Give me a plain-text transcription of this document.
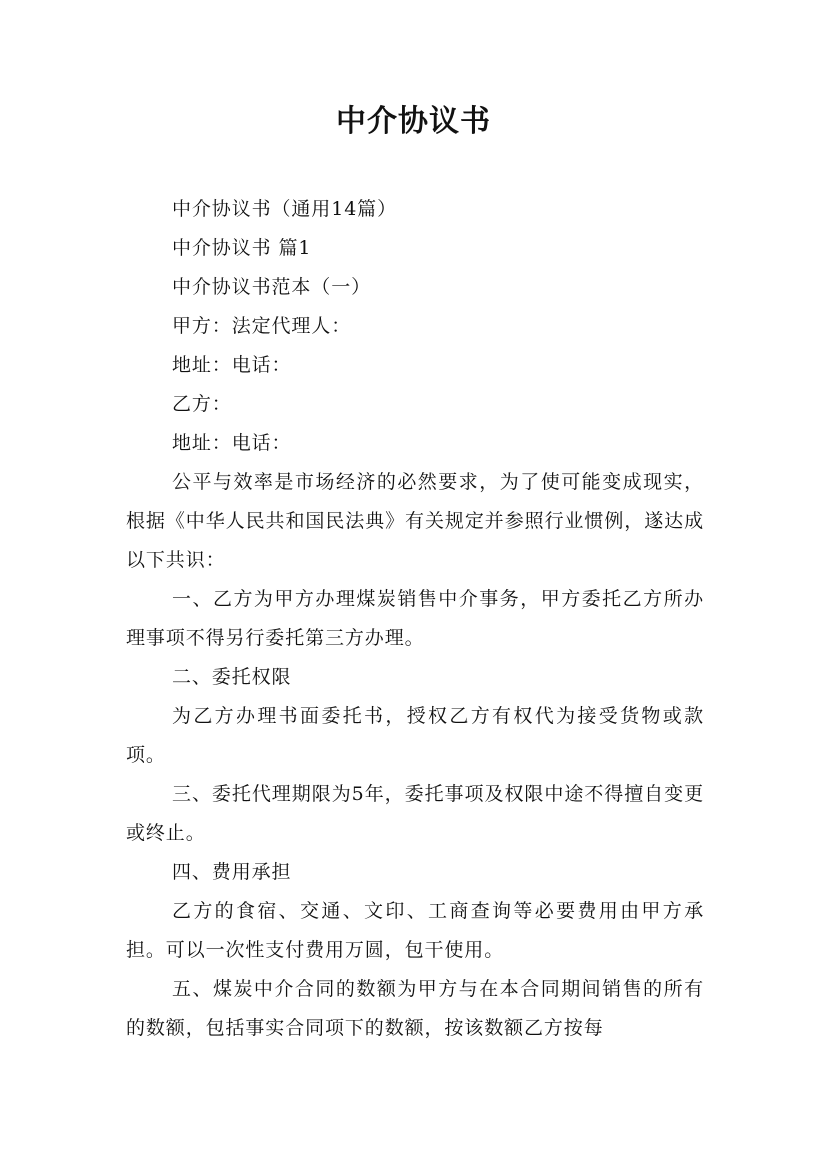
中介协议书

中介协议书（通用14篇）

中介协议书 篇1

中介协议书范本（一）

甲方：法定代理人：

地址：电话：

乙方：

地址：电话：

公平与效率是市场经济的必然要求，为了使可能变成现实，根据《中华人民共和国民法典》有关规定并参照行业惯例，遂达成以下共识：

一、乙方为甲方办理煤炭销售中介事务，甲方委托乙方所办理事项不得另行委托第三方办理。

二、委托权限

为乙方办理书面委托书，授权乙方有权代为接受货物或款项。

三、委托代理期限为5年，委托事项及权限中途不得擅自变更或终止。

四、费用承担

乙方的食宿、交通、文印、工商查询等必要费用由甲方承担。可以一次性支付费用万圆，包干使用。

五、煤炭中介合同的数额为甲方与在本合同期间销售的所有的数额，包括事实合同项下的数额，按该数额乙方按每
